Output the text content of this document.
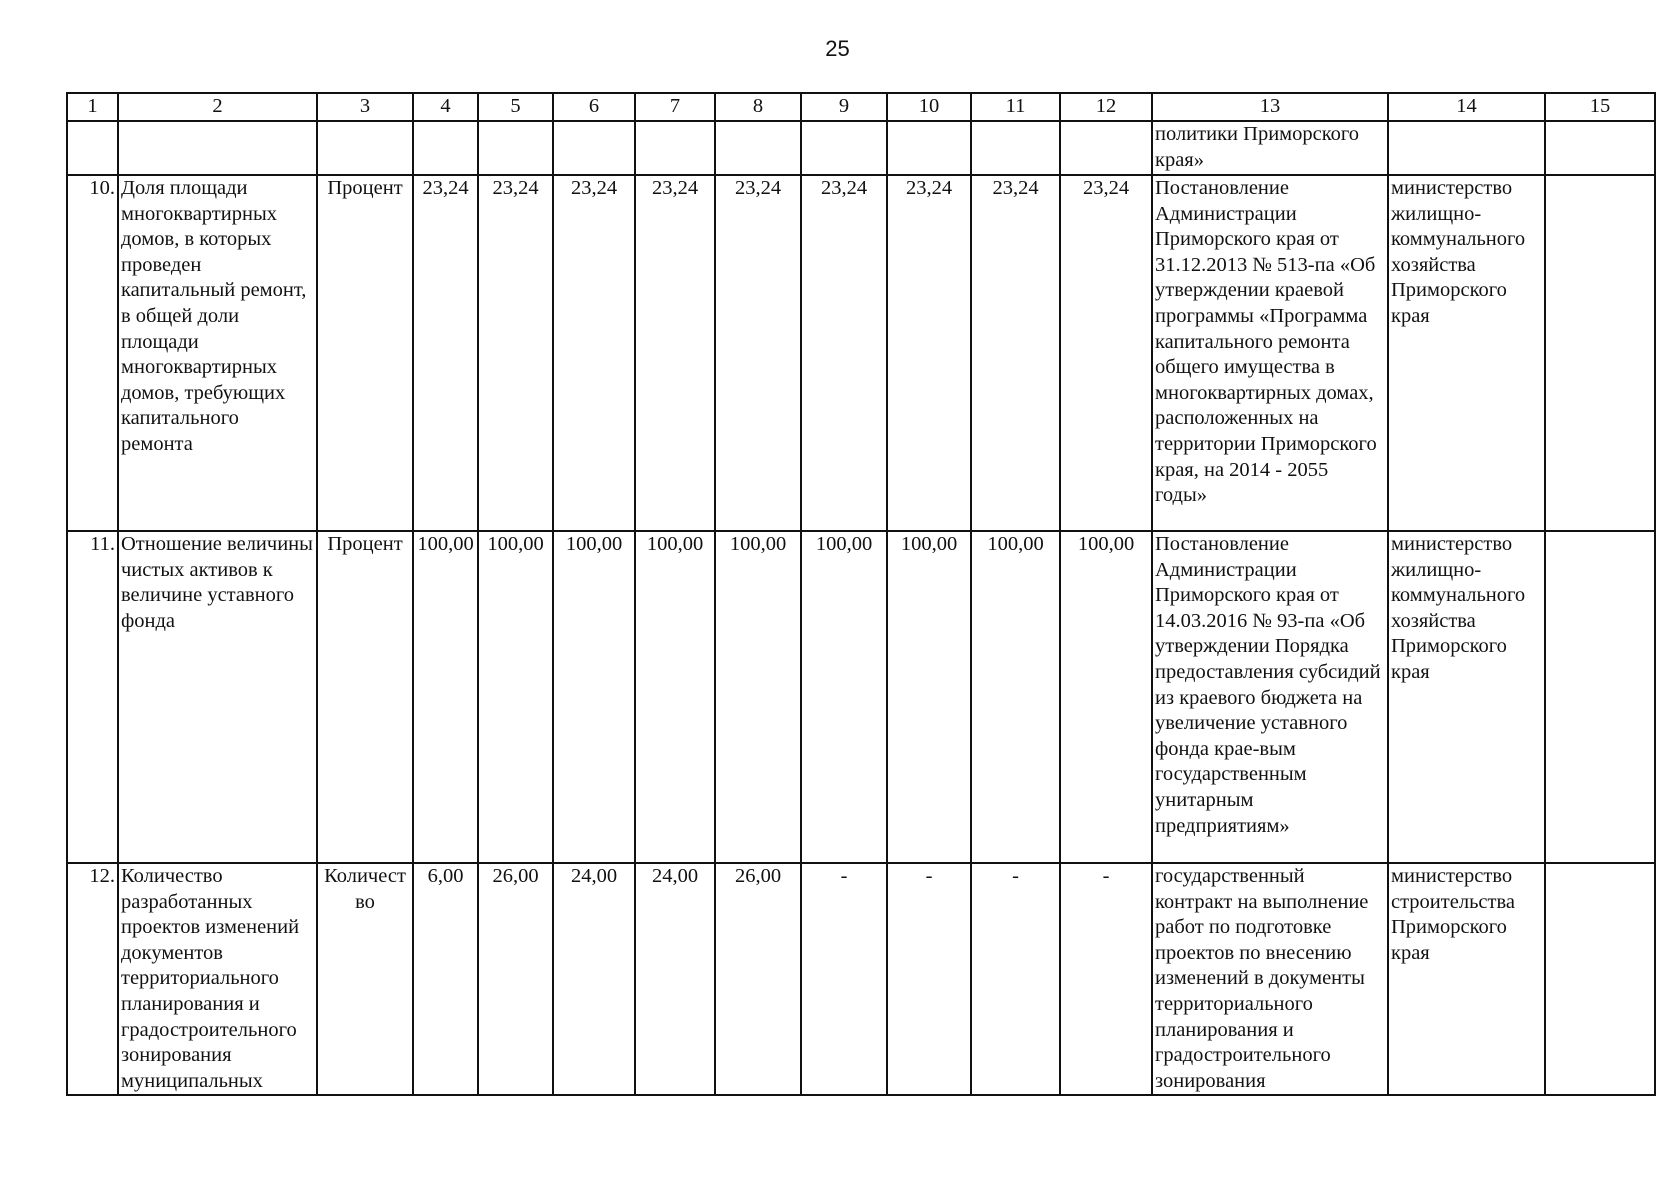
25
1	2	3	4	5	6	7	8	9	10	11	12	13	14	15
												политики Приморского края»		
10.	Доля площади многоквартирных домов, в которых проведен капитальный ремонт, в общей доли площади многоквартирных домов, требующих капитального ремонта	Процент	23,24	23,24	23,24	23,24	23,24	23,24	23,24	23,24	23,24	Постановление Администрации Приморского края от 31.12.2013 № 513-па «Об утверждении краевой программы «Программа капитального ремонта общего имущества в многоквартирных домах, расположенных на территории Приморского края, на 2014 - 2055 годы»	министерство жилищно-коммунального хозяйства Приморского края	
11.	Отношение величины чистых активов к величине уставного фонда	Процент	100,00	100,00	100,00	100,00	100,00	100,00	100,00	100,00	100,00	Постановление Администрации Приморского края от 14.03.2016 № 93-па «Об утверждении Порядка предоставления субсидий из краевого бюджета на увеличение уставного фонда крае-вым государственным унитарным предприятиям»	министерство жилищно-коммунального хозяйства Приморского края	
12.	Количество разработанных проектов изменений документов территориального планирования и градостроительного зонирования муниципальных	Количест во	6,00	26,00	24,00	24,00	26,00	-	-	-	-	государственный контракт на выполнение работ по подготовке проектов по внесению изменений в документы территориального планирования и градостроительного зонирования	министерство строительства Приморского края	
